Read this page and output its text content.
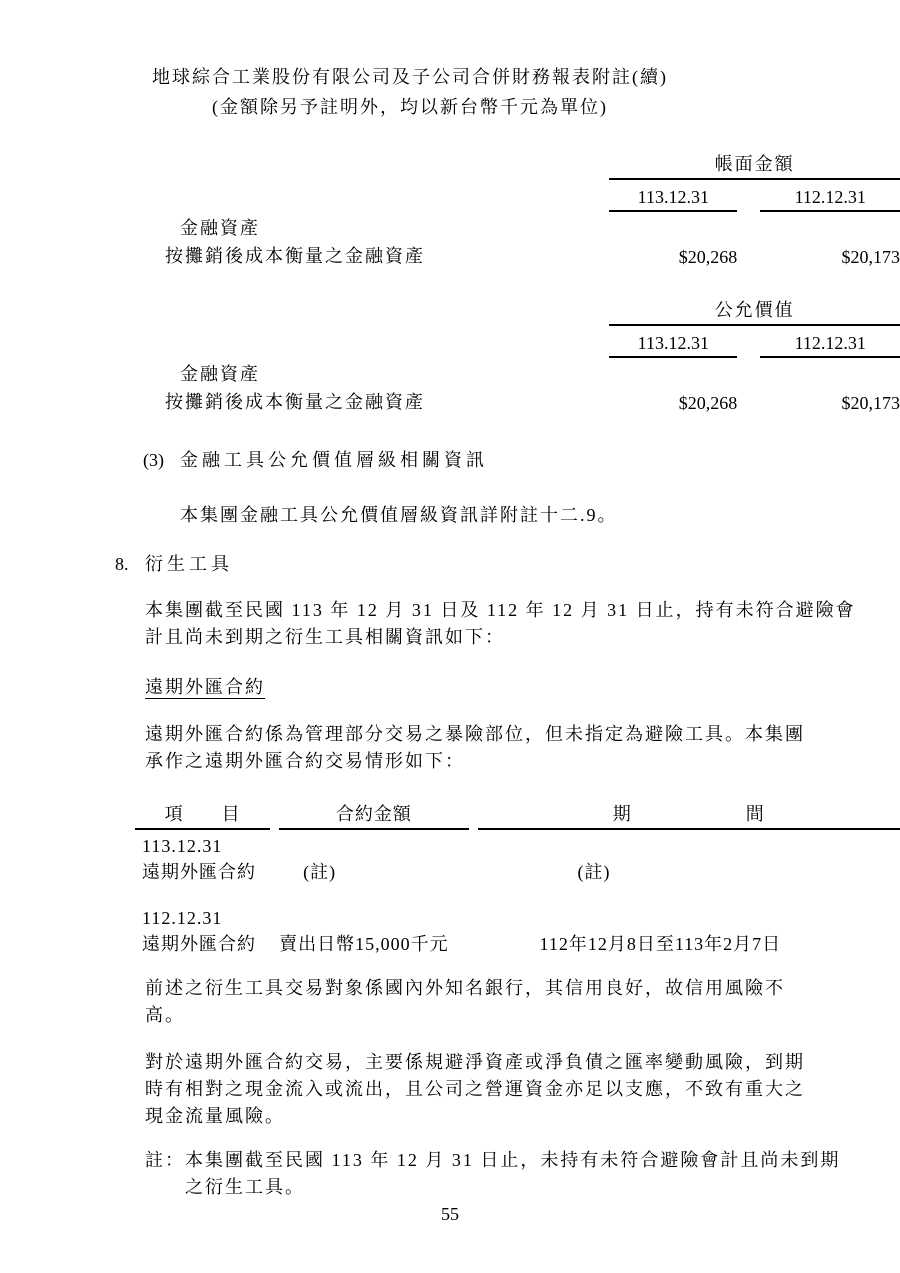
地球綜合工業股份有限公司及子公司合併財務報表附註(續)
(金額除另予註明外，均以新台幣千元為單位)
	帳面金額		
	113.12.31		112.12.31
金融資產			
按攤銷後成本衡量之金融資產	$20,268		$20,173
	公允價值		
	113.12.31		112.12.31
金融資產			
按攤銷後成本衡量之金融資產	$20,268		$20,173
(3) 金融工具公允價值層級相關資訊
本集團金融工具公允價值層級資訊詳附註十二.9。
8. 衍生工具
本集團截至民國 113 年 12 月 31 日及 112 年 12 月 31 日止，持有未符合避險會
計且尚未到期之衍生工具相關資訊如下：
遠期外匯合約
遠期外匯合約係為管理部分交易之暴險部位，但未指定為避險工具。本集團
承作之遠期外匯合約交易情形如下：
項　　目		合約金額		期　　　　　　間
113.12.31				
遠期外匯合約		(註)		(註)

112.12.31				
遠期外匯合約		賣出日幣15,000千元		112年12月8日至113年2月7日
前述之衍生工具交易對象係國內外知名銀行，其信用良好，故信用風險不
高。
對於遠期外匯合約交易，主要係規避淨資產或淨負債之匯率變動風險，到期
時有相對之現金流入或流出，且公司之營運資金亦足以支應，不致有重大之
現金流量風險。
註： 本集團截至民國 113 年 12 月 31 日止，未持有未符合避險會計且尚未到期
之衍生工具。
55
